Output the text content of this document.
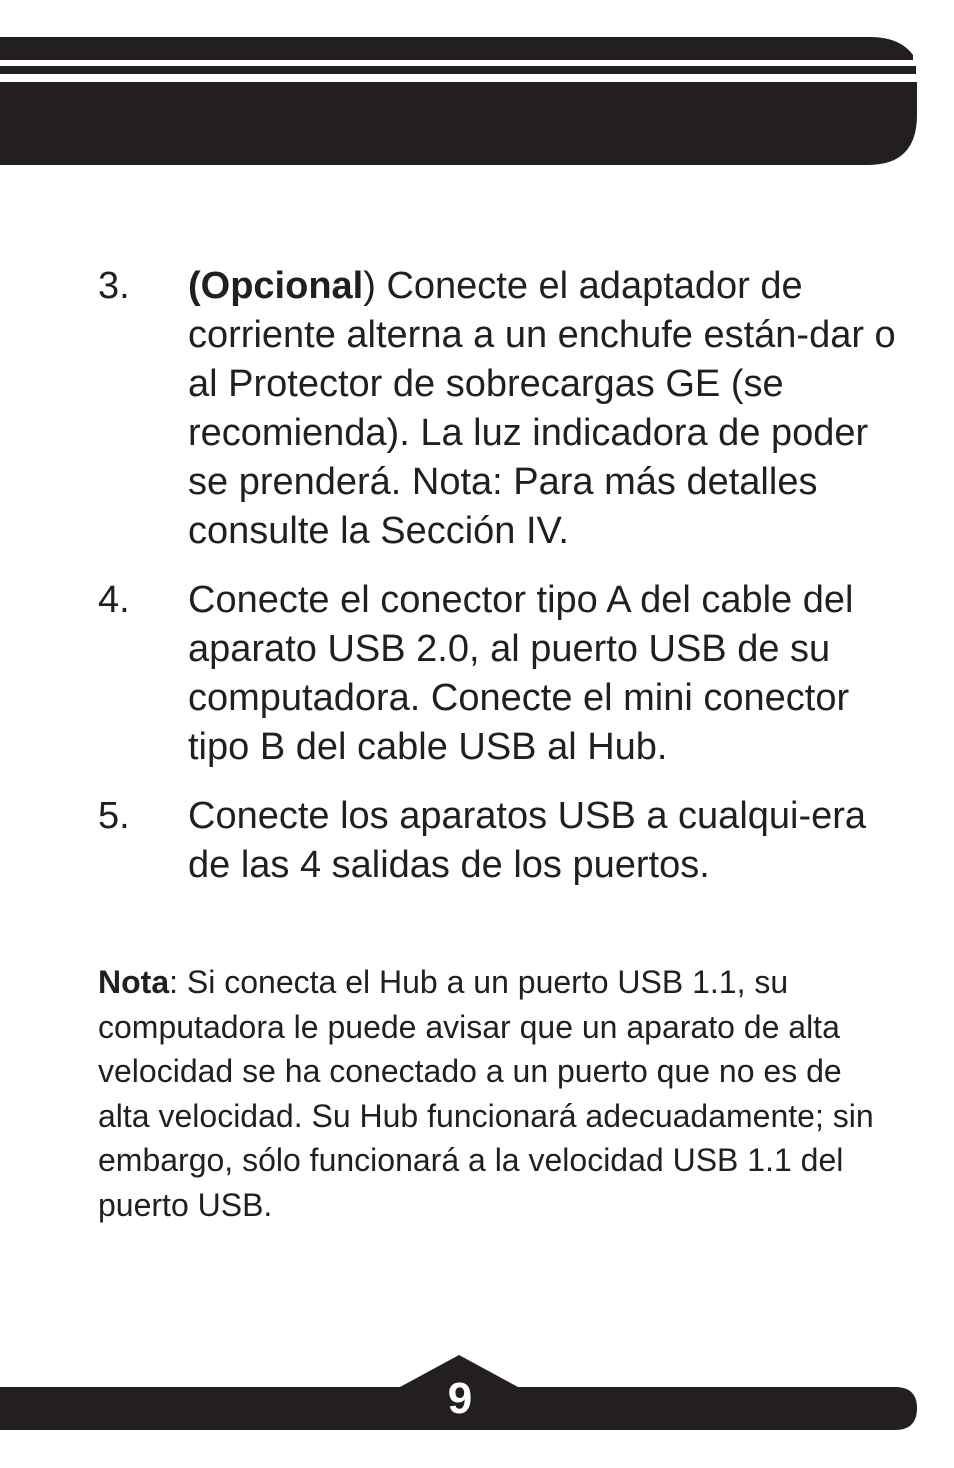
3.	(Opcional) Conecte el adaptador de corriente alterna a un enchufe están-dar o al Protector de sobrecargas GE (se recomienda). La luz indicadora de poder se prenderá. Nota: Para más detalles consulte la Sección IV.
4.	Conecte el conector tipo A del cable del aparato USB 2.0, al puerto USB de su computadora. Conecte el mini conector tipo B del cable USB al Hub.
5.	Conecte los aparatos USB a cualqui-era de las 4 salidas de los puertos.

Nota: Si conecta el Hub a un puerto USB 1.1, su computadora le puede avisar que un aparato de alta velocidad se ha conectado a un puerto que no es de alta velocidad. Su Hub funcionará adecuadamente; sin embargo, sólo funcionará a la velocidad USB 1.1 del puerto USB.

9
